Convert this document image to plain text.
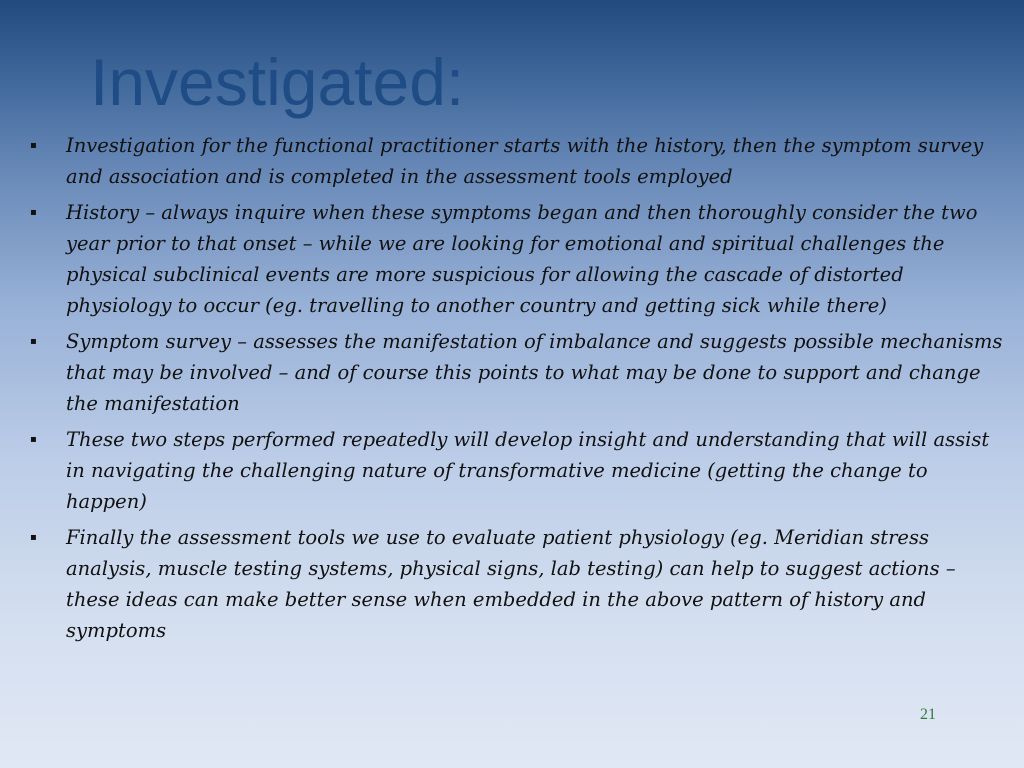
Investigated:
▪ Investigation for the functional practitioner starts with the history, then the symptom survey and association and is completed in the assessment tools employed
▪ History – always inquire when these symptoms began and then thoroughly consider the two year prior to that onset – while we are looking for emotional and spiritual challenges the physical subclinical events are more suspicious for allowing the cascade of distorted physiology to occur (eg. travelling to another country and getting sick while there)
▪ Symptom survey – assesses the manifestation of imbalance and suggests possible mechanisms that may be involved – and of course this points to what may be done to support and change the manifestation
▪ These two steps performed repeatedly will develop insight and understanding that will assist in navigating the challenging nature of transformative medicine (getting the change to happen)
▪ Finally the assessment tools we use to evaluate patient physiology (eg. Meridian stress analysis, muscle testing systems, physical signs, lab testing) can help to suggest actions – these ideas can make better sense when embedded in the above pattern of history and symptoms
21
